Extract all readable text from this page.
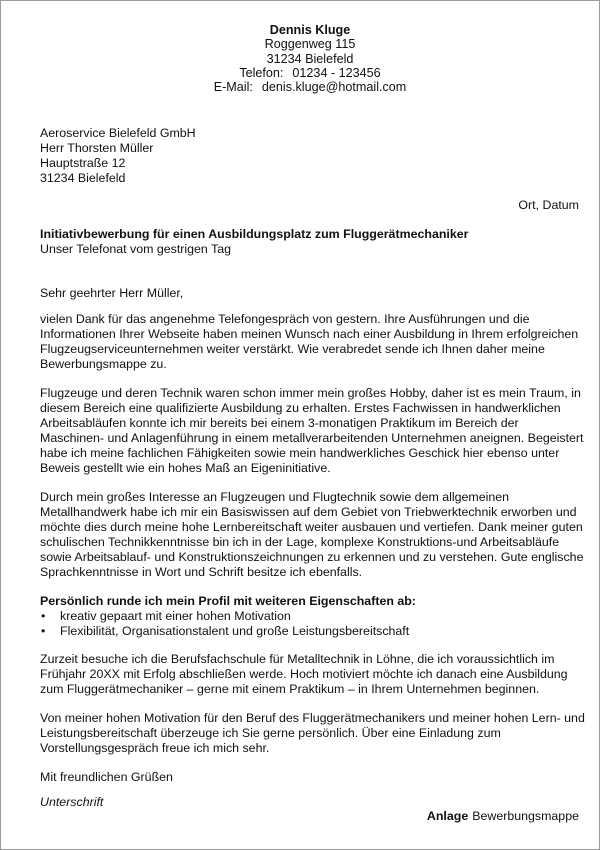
Dennis Kluge
Roggenweg 115
31234 Bielefeld
Telefon: 01234 - 123456
E-Mail: denis.kluge@hotmail.com
Aeroservice Bielefeld GmbH
Herr Thorsten Müller
Hauptstraße 12
31234 Bielefeld
Ort, Datum
Initiativbewerbung für einen Ausbildungsplatz zum Fluggerätmechaniker
Unser Telefonat vom gestrigen Tag

Sehr geehrter Herr Müller,

vielen Dank für das angenehme Telefongespräch von gestern. Ihre Ausführungen und die Informationen Ihrer Webseite haben meinen Wunsch nach einer Ausbildung in Ihrem erfolgreichen Flugzeugserviceunternehmen weiter verstärkt. Wie verabredet sende ich Ihnen daher meine Bewerbungsmappe zu.

Flugzeuge und deren Technik waren schon immer mein großes Hobby, daher ist es mein Traum, in diesem Bereich eine qualifizierte Ausbildung zu erhalten. Erstes Fachwissen in handwerklichen Arbeitsabläufen konnte ich mir bereits bei einem 3-monatigen Praktikum im Bereich der Maschinen- und Anlagenführung in einem metallverarbeitenden Unternehmen aneignen. Begeistert habe ich meine fachlichen Fähigkeiten sowie mein handwerkliches Geschick hier ebenso unter Beweis gestellt wie ein hohes Maß an Eigeninitiative.

Durch mein großes Interesse an Flugzeugen und Flugtechnik sowie dem allgemeinen Metallhandwerk habe ich mir ein Basiswissen auf dem Gebiet von Triebwerktechnik erworben und möchte dies durch meine hohe Lernbereitschaft weiter ausbauen und vertiefen. Dank meiner guten schulischen Technikkenntnisse bin ich in der Lage, komplexe Konstruktions-und Arbeitsabläufe sowie Arbeitsablauf- und Konstruktionszeichnungen zu erkennen und zu verstehen. Gute englische Sprachkenntnisse in Wort und Schrift besitze ich ebenfalls.

Persönlich runde ich mein Profil mit weiteren Eigenschaften ab:
• kreativ gepaart mit einer hohen Motivation
• Flexibilität, Organisationstalent und große Leistungsbereitschaft

Zurzeit besuche ich die Berufsfachschule für Metalltechnik in Löhne, die ich voraussichtlich im Frühjahr 20XX mit Erfolg abschließen werde. Hoch motiviert möchte ich danach eine Ausbildung zum Fluggerätmechaniker – gerne mit einem Praktikum – in Ihrem Unternehmen beginnen.

Von meiner hohen Motivation für den Beruf des Fluggerätmechanikers und meiner hohen Lern- und Leistungsbereitschaft überzeuge ich Sie gerne persönlich. Über eine Einladung zum Vorstellungsgespräch freue ich mich sehr.

Mit freundlichen Grüßen
Unterschrift
Anlage Bewerbungsmappe
